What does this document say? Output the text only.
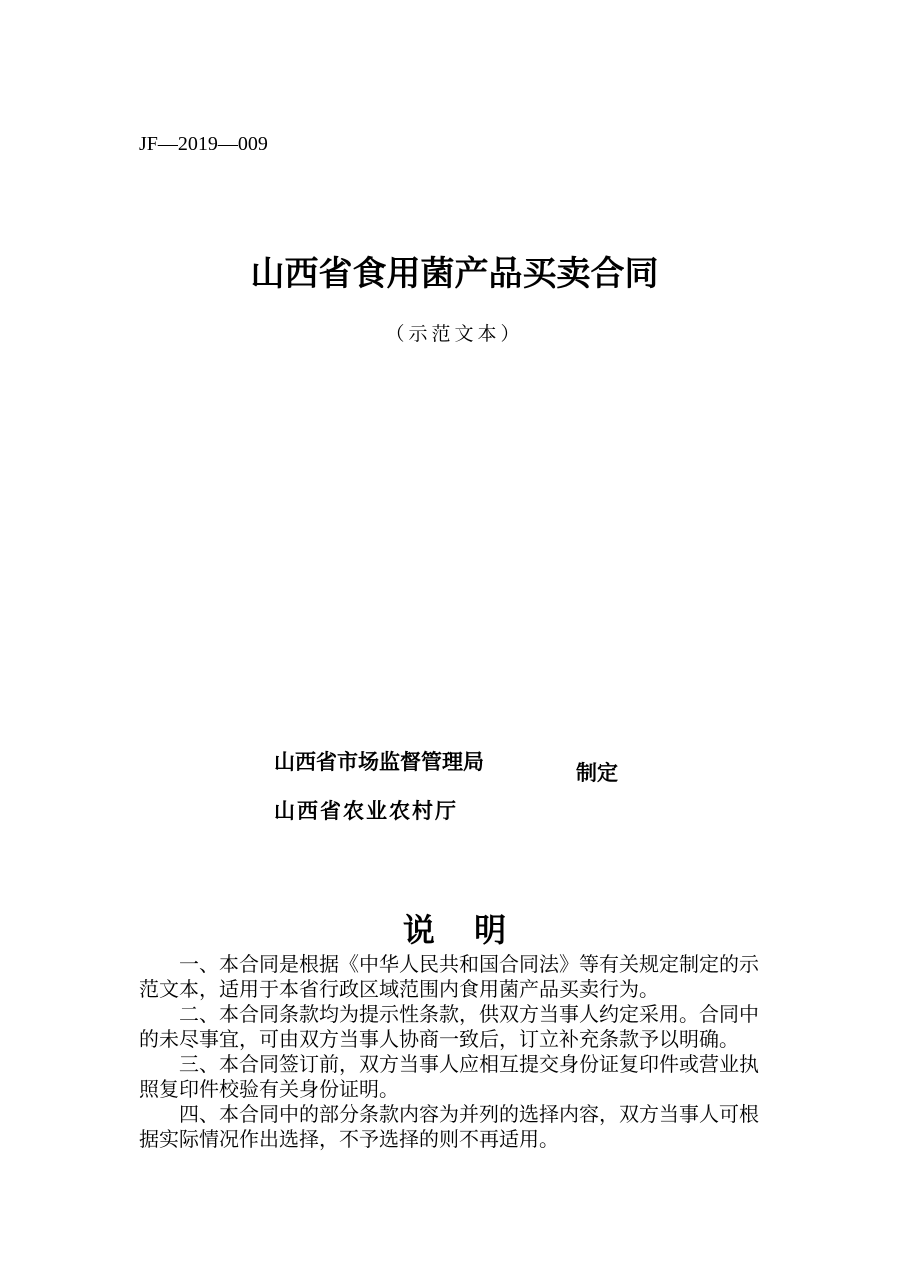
JF—2019—009
山西省食用菌产品买卖合同
（示范文本）
山西省市场监督管理局
山西省农业农村厅
制定
说 明

一、本合同是根据《中华人民共和国合同法》等有关规定制定的示范文本，适用于本省行政区域范围内食用菌产品买卖行为。

二、本合同条款均为提示性条款，供双方当事人约定采用。合同中的未尽事宜，可由双方当事人协商一致后，订立补充条款予以明确。

三、本合同签订前，双方当事人应相互提交身份证复印件或营业执照复印件校验有关身份证明。

四、本合同中的部分条款内容为并列的选择内容，双方当事人可根据实际情况作出选择，不予选择的则不再适用。
